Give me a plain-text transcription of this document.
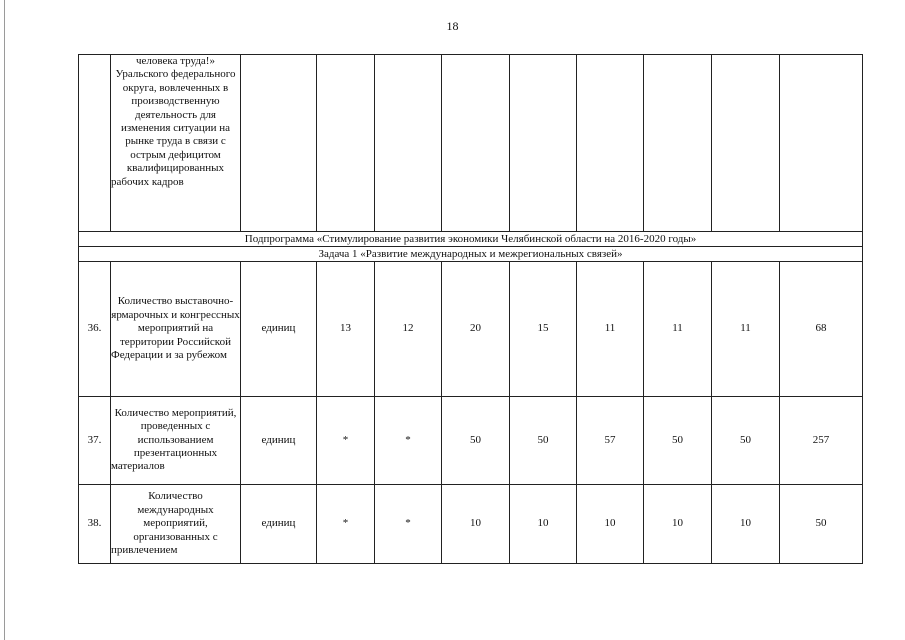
18
	человека труда!» Уральского федерального округа, вовлеченных в производственную деятельность для изменения ситуации на рынке труда в связи с острым дефицитом квалифицированных рабочих кадров									
Подпрограмма «Стимулирование развития экономики Челябинской области на 2016-2020 годы»										
Задача 1 «Развитие международных и межрегиональных связей»										
36.	Количество выставочно-ярмарочных и конгрессных мероприятий на территории Российской Федерации и за рубежом	единиц	13	12	20	15	11	11	11	68
37.	Количество мероприятий, проведенных с использованием презентационных материалов	единиц	*	*	50	50	57	50	50	257
38.	Количество международных мероприятий, организованных с привлечением	единиц	*	*	10	10	10	10	10	50
